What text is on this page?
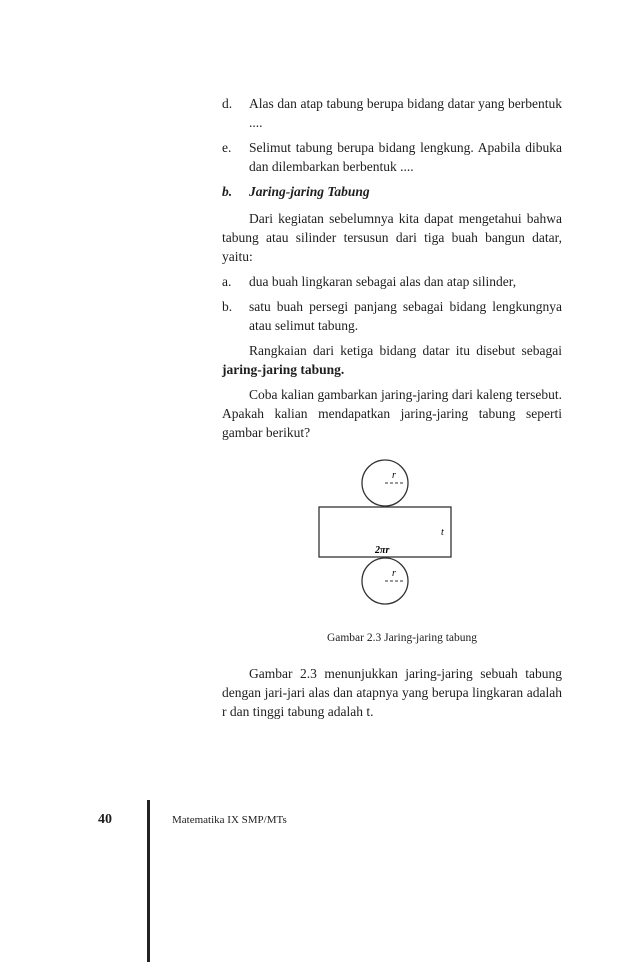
d.	Alas dan atap tabung berupa bidang datar yang berbentuk ....
e.	Selimut tabung berupa bidang lengkung. Apabila dibuka dan dilembarkan berbentuk ....
b.	Jaring-jaring Tabung

Dari kegiatan sebelumnya kita dapat mengetahui bahwa tabung atau silinder tersusun dari tiga buah bangun datar, yaitu:

a.	dua buah lingkaran sebagai alas dan atap silinder,
b.	satu buah persegi panjang sebagai bidang lengkungnya atau selimut tabung.

Rangkaian dari ketiga bidang datar itu disebut sebagai jaring-jaring tabung.

Coba kalian gambarkan jaring-jaring dari kaleng tersebut. Apakah kalian mendapatkan jaring-jaring tabung seperti gambar berikut?

r
t
2πr
r
Gambar 2.3 Jaring-jaring tabung

Gambar 2.3 menunjukkan jaring-jaring sebuah tabung dengan jari-jari alas dan atapnya yang berupa lingkaran adalah r dan tinggi tabung adalah t.

40	Matematika IX SMP/MTs
